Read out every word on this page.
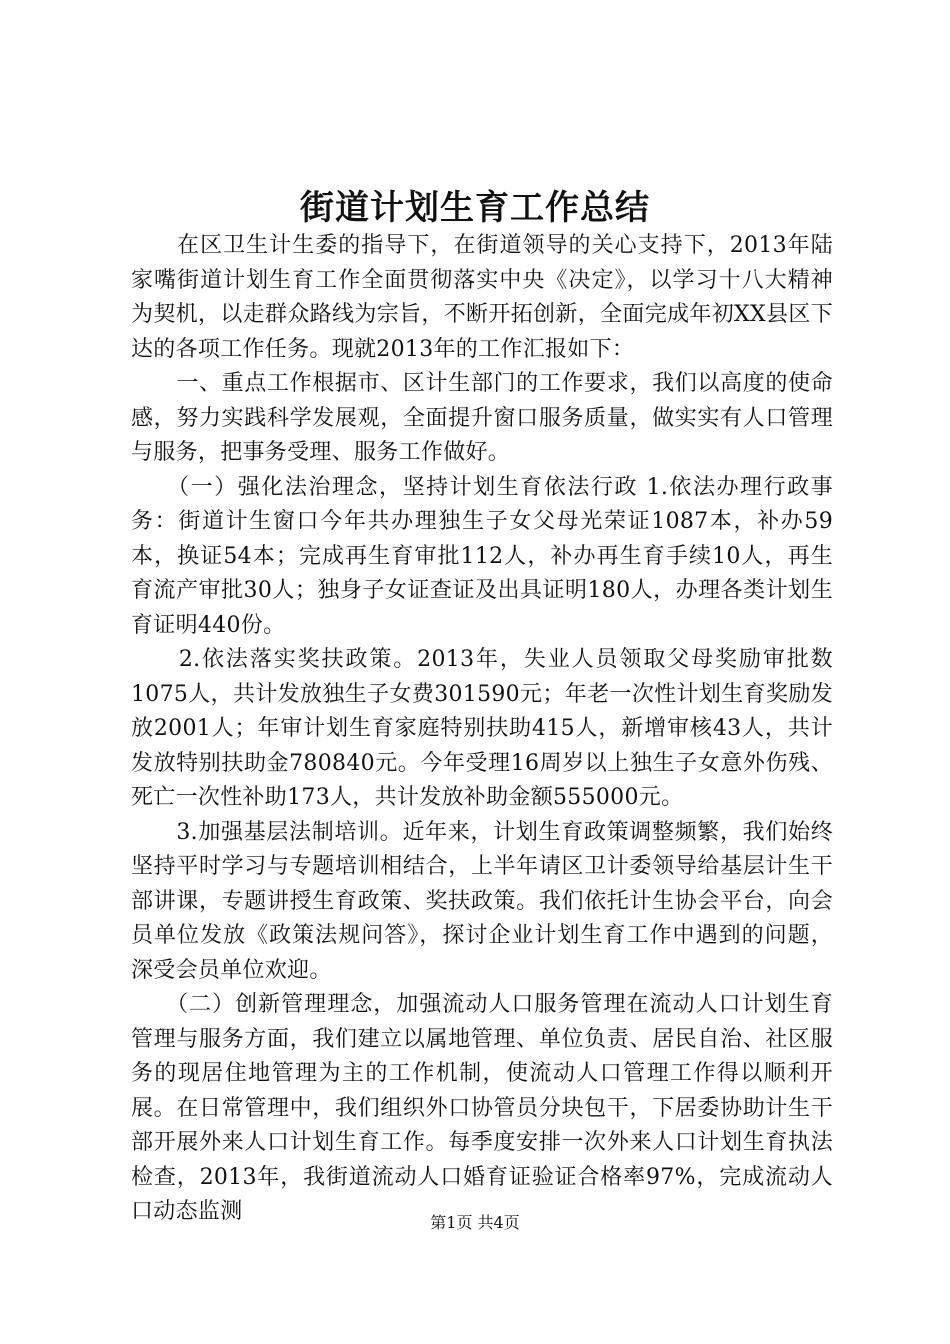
街道计划生育工作总结

　　在区卫生计生委的指导下，在街道领导的关心支持下，2013年陆家嘴街道计划生育工作全面贯彻落实中央《决定》，以学习十八大精神为契机，以走群众路线为宗旨，不断开拓创新，全面完成年初XX县区下达的各项工作任务。现就2013年的工作汇报如下：

　　一、重点工作根据市、区计生部门的工作要求，我们以高度的使命感，努力实践科学发展观，全面提升窗口服务质量，做实实有人口管理与服务，把事务受理、服务工作做好。

　　（一）强化法治理念，坚持计划生育依法行政 1.依法办理行政事务：街道计生窗口今年共办理独生子女父母光荣证1087本，补办59本，换证54本；完成再生育审批112人，补办再生育手续10人，再生育流产审批30人；独身子女证查证及出具证明180人，办理各类计划生育证明440份。

　　2.依法落实奖扶政策。2013年，失业人员领取父母奖励审批数1075人，共计发放独生子女费301590元；年老一次性计划生育奖励发放2001人；年审计划生育家庭特别扶助415人，新增审核43人，共计发放特别扶助金780840元。今年受理16周岁以上独生子女意外伤残、死亡一次性补助173人，共计发放补助金额555000元。

　　3.加强基层法制培训。近年来，计划生育政策调整频繁，我们始终坚持平时学习与专题培训相结合，上半年请区卫计委领导给基层计生干部讲课，专题讲授生育政策、奖扶政策。我们依托计生协会平台，向会员单位发放《政策法规问答》，探讨企业计划生育工作中遇到的问题，深受会员单位欢迎。

　　（二）创新管理理念，加强流动人口服务管理在流动人口计划生育管理与服务方面，我们建立以属地管理、单位负责、居民自治、社区服务的现居住地管理为主的工作机制，使流动人口管理工作得以顺利开展。在日常管理中，我们组织外口协管员分块包干，下居委协助计生干部开展外来人口计划生育工作。每季度安排一次外来人口计划生育执法检查，2013年，我街道流动人口婚育证验证合格率97%，完成流动人口动态监测	第1页 共4页
